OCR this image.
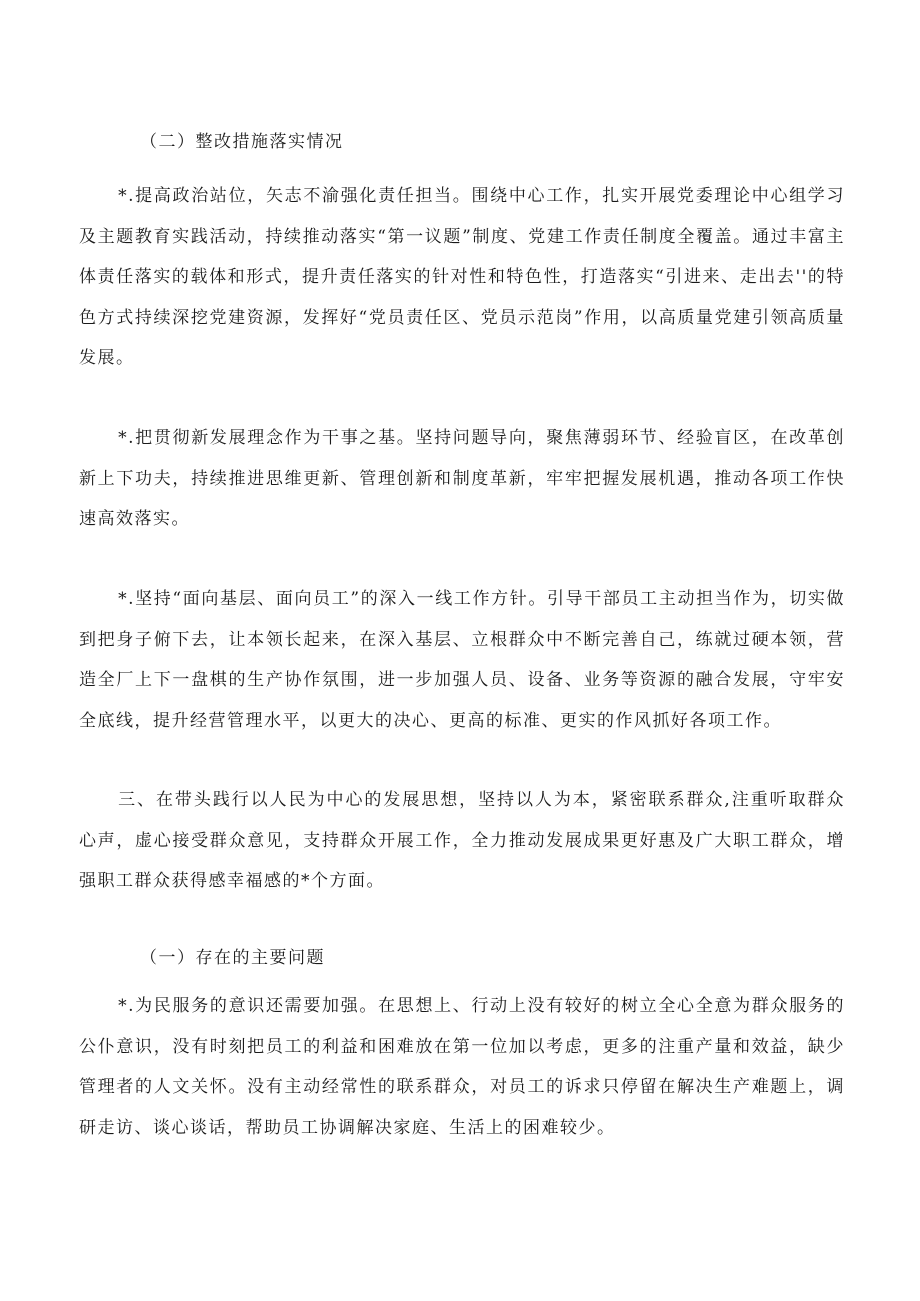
（二）整改措施落实情况

*.提高政治站位，矢志不渝强化责任担当。围绕中心工作，扎实开展党委理论中心组学习及主题教育实践活动，持续推动落实“第一议题”制度、党建工作责任制度全覆盖。通过丰富主体责任落实的载体和形式，提升责任落实的针对性和特色性，打造落实“引进来、走出去''的特色方式持续深挖党建资源，发挥好“党员责任区、党员示范岗”作用，以高质量党建引领高质量发展。

*.把贯彻新发展理念作为干事之基。坚持问题导向，聚焦薄弱环节、经验盲区，在改革创新上下功夫，持续推进思维更新、管理创新和制度革新，牢牢把握发展机遇，推动各项工作快速高效落实。

*.坚持“面向基层、面向员工”的深入一线工作方针。引导干部员工主动担当作为，切实做到把身子俯下去，让本领长起来，在深入基层、立根群众中不断完善自己，练就过硬本领，营造全厂上下一盘棋的生产协作氛围，进一步加强人员、设备、业务等资源的融合发展，守牢安全底线，提升经营管理水平，以更大的决心、更高的标准、更实的作风抓好各项工作。

三、在带头践行以人民为中心的发展思想，坚持以人为本，紧密联系群众,注重听取群众心声，虚心接受群众意见，支持群众开展工作，全力推动发展成果更好惠及广大职工群众，增强职工群众获得感幸福感的*个方面。

（一）存在的主要问题

*.为民服务的意识还需要加强。在思想上、行动上没有较好的树立全心全意为群众服务的公仆意识，没有时刻把员工的利益和困难放在第一位加以考虑，更多的注重产量和效益，缺少管理者的人文关怀。没有主动经常性的联系群众，对员工的诉求只停留在解决生产难题上，调研走访、谈心谈话，帮助员工协调解决家庭、生活上的困难较少。
